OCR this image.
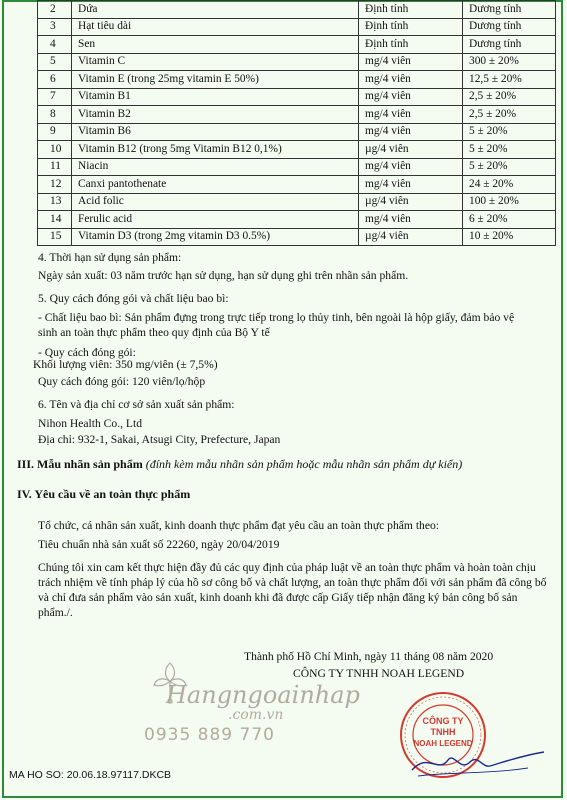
2	Dứa	Định tính	Dương tính
3	Hạt tiêu dài	Định tính	Dương tính
4	Sen	Định tính	Dương tính
5	Vitamin C	mg/4 viên	300 ± 20%
6	Vitamin E (trong 25mg vitamin E 50%)	mg/4 viên	12,5 ± 20%
7	Vitamin B1	mg/4 viên	2,5 ± 20%
8	Vitamin B2	mg/4 viên	2,5 ± 20%
9	Vitamin B6	mg/4 viên	5 ± 20%
10	Vitamin B12 (trong 5mg Vitamin B12 0,1%)	µg/4 viên	5 ± 20%
11	Niacin	mg/4 viên	5 ± 20%
12	Canxi pantothenate	mg/4 viên	24 ± 20%
13	Acid folic	µg/4 viên	100 ± 20%
14	Ferulic acid	mg/4 viên	6 ± 20%
15	Vitamin D3 (trong 2mg vitamin D3 0.5%)	µg/4 viên	10 ± 20%
4. Thời hạn sử dụng sản phẩm:
Ngày sản xuất: 03 năm trước hạn sử dụng, hạn sử dụng ghi trên nhãn sản phẩm.
5. Quy cách đóng gói và chất liệu bao bì:
- Chất liệu bao bì: Sản phẩm đựng trong trực tiếp trong lọ thủy tinh, bên ngoài là hộp giấy, đảm bảo vệ sinh an toàn thực phẩm theo quy định của Bộ Y tế
- Quy cách đóng gói:
Khối lượng viên: 350 mg/viên (± 7,5%)
Quy cách đóng gói: 120 viên/lọ/hộp
6. Tên và địa chỉ cơ sở sản xuất sản phẩm:
Nihon Health Co., Ltd
Địa chỉ: 932-1, Sakai, Atsugi City, Prefecture, Japan
III. Mẫu nhãn sản phẩm (đính kèm mẫu nhãn sản phẩm hoặc mẫu nhãn sản phẩm dự kiến)
IV. Yêu cầu về an toàn thực phẩm
Tổ chức, cá nhân sản xuất, kinh doanh thực phẩm đạt yêu cầu an toàn thực phẩm theo:
Tiêu chuẩn nhà sản xuất số 22260, ngày 20/04/2019
Chúng tôi xin cam kết thực hiện đầy đủ các quy định của pháp luật về an toàn thực phẩm và hoàn toàn chịu trách nhiệm về tính pháp lý của hồ sơ công bố và chất lượng, an toàn thực phẩm đối với sản phẩm đã công bố và chỉ đưa sản phẩm vào sản xuất, kinh doanh khi đã được cấp Giấy tiếp nhận đăng ký bản công bố sản phẩm./.
Thành phố Hồ Chí Minh, ngày 11 tháng 08 năm 2020
CÔNG TY TNHH NOAH LEGEND
Hangngoainhap
.com.vn
0935 889 770
CÔNG TY
TNHH
NOAH LEGEND
MA HO SO: 20.06.18.97117.DKCB
